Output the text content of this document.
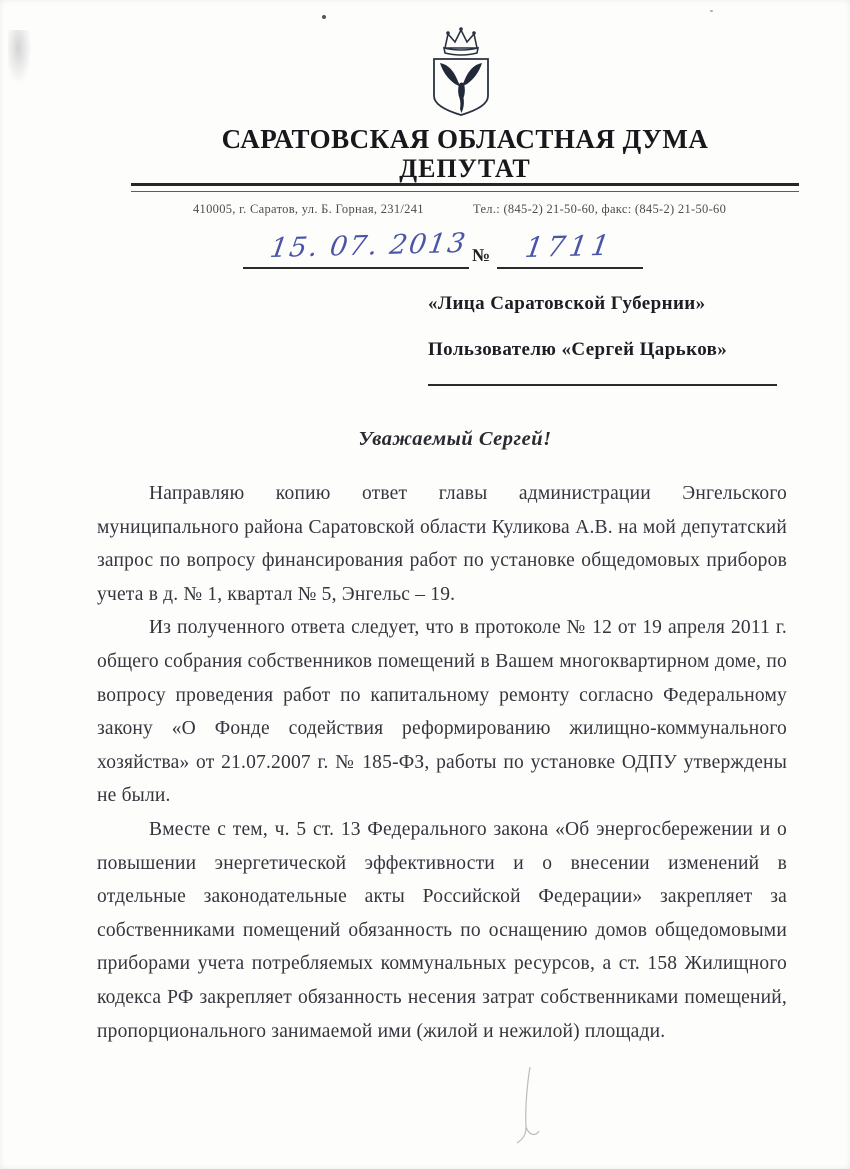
САРАТОВСКАЯ ОБЛАСТНАЯ ДУМА
ДЕПУТАТ
410005, г. Саратов, ул. Б. Горная, 231/241	Тел.: (845-2) 21-50-60, факс: (845-2) 21-50-60
15. 07. 2013 № 1711
«Лица Саратовской Губернии»
Пользователю «Сергей Царьков»
Уважаемый Сергей!

Направляю копию ответ главы администрации Энгельского муниципального района Саратовской области Куликова А.В. на мой депутатский запрос по вопросу финансирования работ по установке общедомовых приборов учета в д. № 1, квартал № 5, Энгельс – 19.

Из полученного ответа следует, что в протоколе № 12 от 19 апреля 2011 г. общего собрания собственников помещений в Вашем многоквартирном доме, по вопросу проведения работ по капитальному ремонту согласно Федеральному закону «О Фонде содействия реформированию жилищно-коммунального хозяйства» от 21.07.2007 г. № 185-ФЗ, работы по установке ОДПУ утверждены не были.

Вместе с тем, ч. 5 ст. 13 Федерального закона «Об энергосбережении и о повышении энергетической эффективности и о внесении изменений в отдельные законодательные акты Российской Федерации» закрепляет за собственниками помещений обязанность по оснащению домов общедомовыми приборами учета потребляемых коммунальных ресурсов, а ст. 158 Жилищного кодекса РФ закрепляет обязанность несения затрат собственниками помещений, пропорционального занимаемой ими (жилой и нежилой) площади.
